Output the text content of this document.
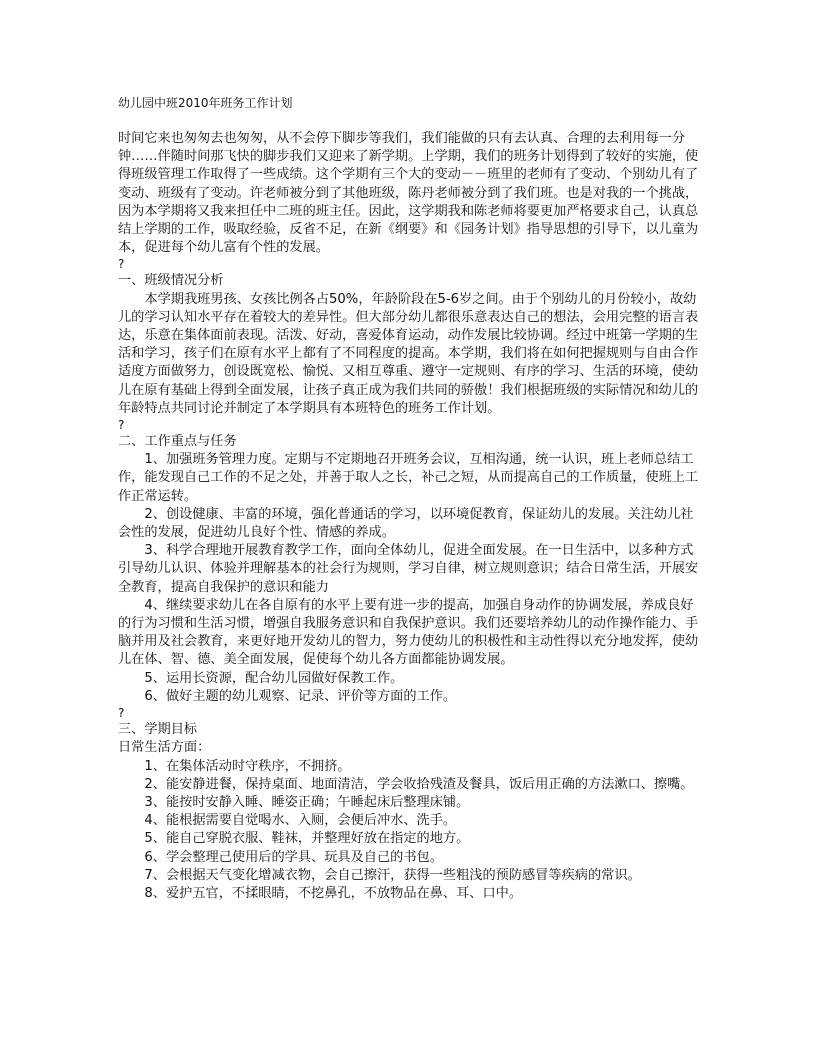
幼儿园中班2010年班务工作计划

时间它来也匆匆去也匆匆，从不会停下脚步等我们，我们能做的只有去认真、合理的去利用每一分钟……伴随时间那飞快的脚步我们又迎来了新学期。上学期，我们的班务计划得到了较好的实施，使得班级管理工作取得了一些成绩。这个学期有三个大的变动－－班里的老师有了变动、个别幼儿有了变动、班级有了变动。许老师被分到了其他班级，陈丹老师被分到了我们班。也是对我的一个挑战，因为本学期将又我来担任中二班的班主任。因此，这学期我和陈老师将要更加严格要求自己，认真总结上学期的工作，吸取经验，反省不足，在新《纲要》和《园务计划》指导思想的引导下，以儿童为本，促进每个幼儿富有个性的发展。

?

一、班级情况分析

本学期我班男孩、女孩比例各占50%，年龄阶段在5-6岁之间。由于个别幼儿的月份较小，故幼儿的学习认知水平存在着较大的差异性。但大部分幼儿都很乐意表达自己的想法，会用完整的语言表达，乐意在集体面前表现。活泼、好动，喜爱体育运动，动作发展比较协调。经过中班第一学期的生活和学习，孩子们在原有水平上都有了不同程度的提高。本学期，我们将在如何把握规则与自由合作适度方面做努力，创设既宽松、愉悦、又相互尊重、遵守一定规则、有序的学习、生活的环境，使幼儿在原有基础上得到全面发展，让孩子真正成为我们共同的骄傲！我们根据班级的实际情况和幼儿的年龄特点共同讨论并制定了本学期具有本班特色的班务工作计划。

?

二、工作重点与任务

1、加强班务管理力度。定期与不定期地召开班务会议，互相沟通，统一认识，班上老师总结工作，能发现自己工作的不足之处，并善于取人之长，补己之短，从而提高自己的工作质量，使班上工作正常运转。

2、创设健康、丰富的环境，强化普通话的学习，以环境促教育，保证幼儿的发展。关注幼儿社会性的发展，促进幼儿良好个性、情感的养成。

3、科学合理地开展教育教学工作，面向全体幼儿，促进全面发展。在一日生活中，以多种方式引导幼儿认识、体验并理解基本的社会行为规则，学习自律，树立规则意识；结合日常生活，开展安全教育，提高自我保护的意识和能力

4、继续要求幼儿在各自原有的水平上要有进一步的提高，加强自身动作的协调发展，养成良好的行为习惯和生活习惯，增强自我服务意识和自我保护意识。我们还要培养幼儿的动作操作能力、手脑并用及社会教育，来更好地开发幼儿的智力，努力使幼儿的积极性和主动性得以充分地发挥，使幼儿在体、智、德、美全面发展，促使每个幼儿各方面都能协调发展。

5、运用长资源，配合幼儿园做好保教工作。

6、做好主题的幼儿观察、记录、评价等方面的工作。

?

三、学期目标

日常生活方面：

1、在集体活动时守秩序，不拥挤。

2、能安静进餐，保持桌面、地面清洁，学会收拾残渣及餐具，饭后用正确的方法漱口、擦嘴。

3、能按时安静入睡、睡姿正确；午睡起床后整理床铺。

4、能根据需要自觉喝水、入厕，会便后冲水、洗手。

5、能自己穿脱衣服、鞋袜，并整理好放在指定的地方。

6、学会整理己使用后的学具、玩具及自己的书包。

7、会根据天气变化增减衣物，会自己擦汗，获得一些粗浅的预防感冒等疾病的常识。

8、爱护五官，不揉眼睛，不挖鼻孔，不放物品在鼻、耳、口中。
